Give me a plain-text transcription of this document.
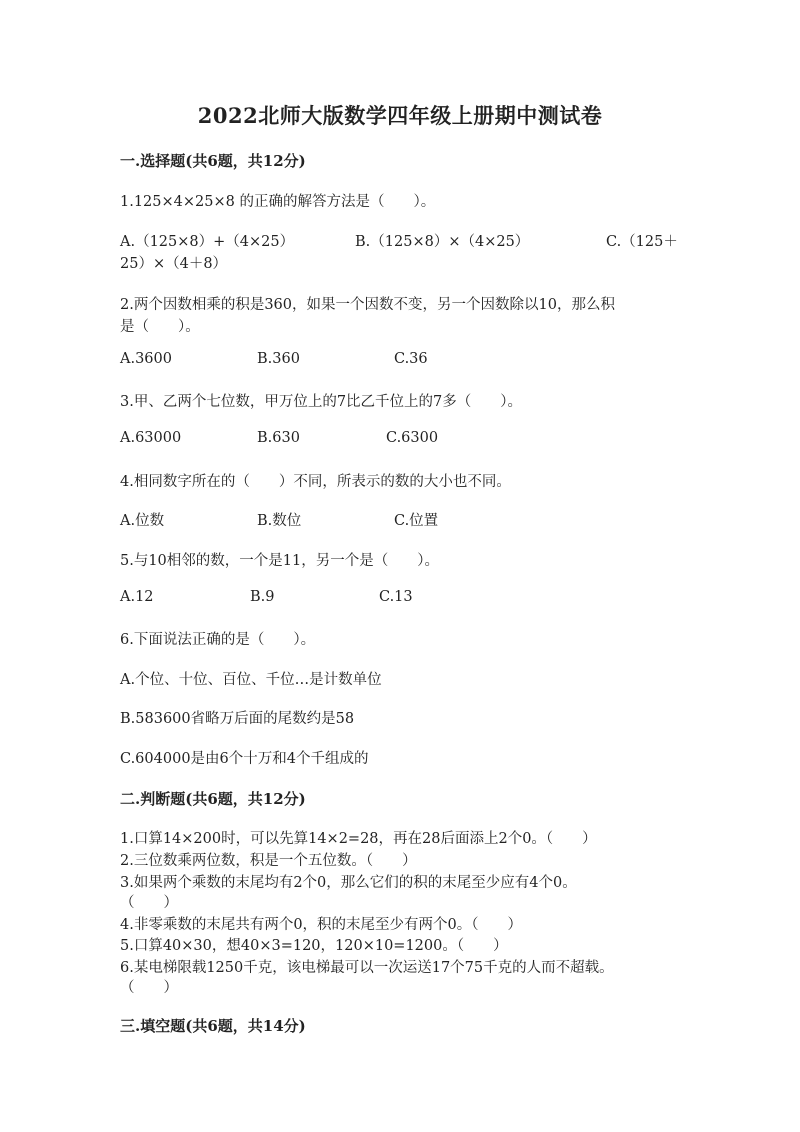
2022北师大版数学四年级上册期中测试卷
一.选择题(共6题，共12分)
1.125×4×25×8 的正确的解答方法是（　　）。
A.（125×8）+（4×25）	B.（125×8）×（4×25）	C.（125＋
25）×（4＋8）
2.两个因数相乘的积是360，如果一个因数不变，另一个因数除以10，那么积
是（　　）。
A.3600	B.360	C.36
3.甲、乙两个七位数，甲万位上的7比乙千位上的7多（　　）。
A.63000	B.630	C.6300
4.相同数字所在的（　　）不同，所表示的数的大小也不同。
A.位数	B.数位	C.位置
5.与10相邻的数，一个是11，另一个是（　　）。
A.12	B.9	C.13
6.下面说法正确的是（　　）。
A.个位、十位、百位、千位…是计数单位
B.583600省略万后面的尾数约是58
C.604000是由6个十万和4个千组成的
二.判断题(共6题，共12分)
1.口算14×200时，可以先算14×2=28，再在28后面添上2个0。（　　）
2.三位数乘两位数，积是一个五位数。（　　）
3.如果两个乘数的末尾均有2个0，那么它们的积的末尾至少应有4个0。
（　　）
4.非零乘数的末尾共有两个0，积的末尾至少有两个0。（　　）
5.口算40×30，想40×3=120，120×10=1200。（　　）
6.某电梯限载1250千克，该电梯最可以一次运送17个75千克的人而不超载。
（　　）
三.填空题(共6题，共14分)
